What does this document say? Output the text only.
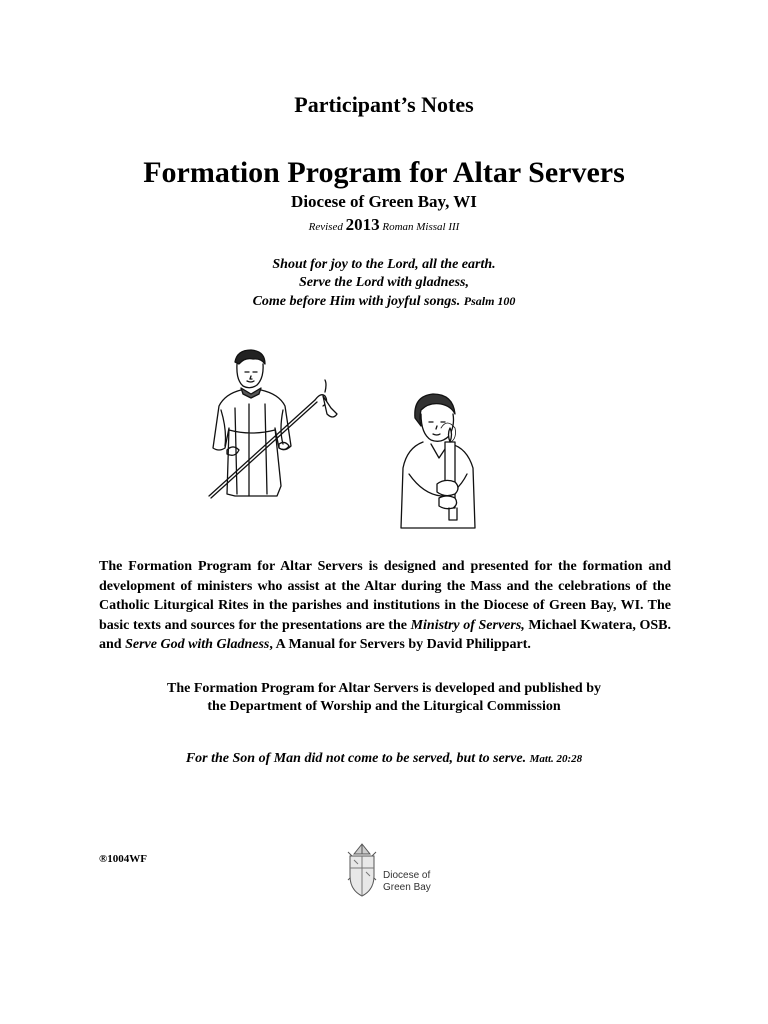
Participant’s Notes
Formation Program for Altar Servers
Diocese of Green Bay, WI
Revised 2013 Roman Missal III
Shout for joy to the Lord, all the earth.
Serve the Lord with gladness,
Come before Him with joyful songs. Psalm 100
The Formation Program for Altar Servers is designed and presented for the formation and development of ministers who assist at the Altar during the Mass and the celebrations of the Catholic Liturgical Rites in the parishes and institutions in the Diocese of Green Bay, WI. The basic texts and sources for the presentations are the Ministry of Servers, Michael Kwatera, OSB. and Serve God with Gladness, A Manual for Servers by David Philippart.
The Formation Program for Altar Servers is developed and published by
the Department of Worship and the Liturgical Commission
For the Son of Man did not come to be served, but to serve. Matt. 20:28
®1004WF
Diocese of
Green Bay
